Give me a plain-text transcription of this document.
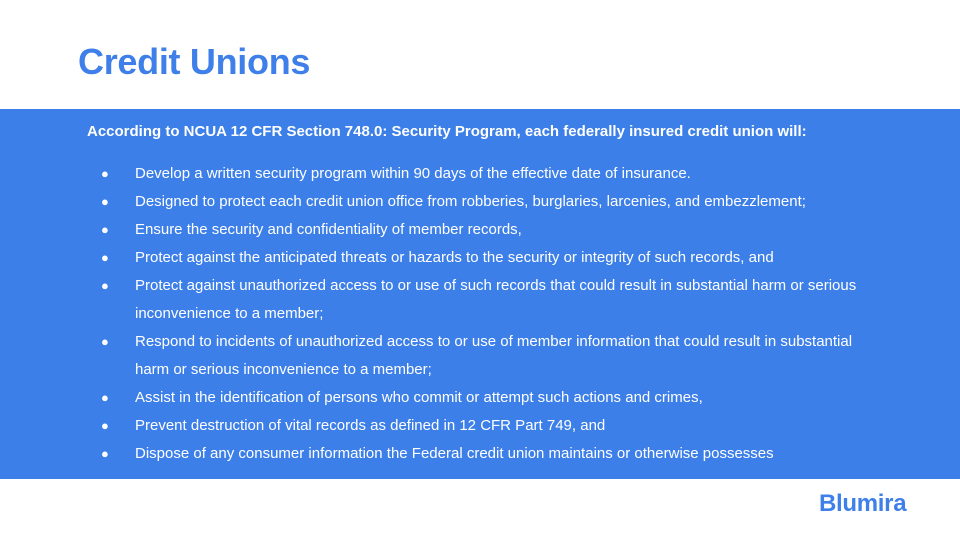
Credit Unions

According to NCUA 12 CFR Section 748.0: Security Program, each federally insured credit union will:

● Develop a written security program within 90 days of the effective date of insurance.
● Designed to protect each credit union office from robberies, burglaries, larcenies, and embezzlement;
● Ensure the security and confidentiality of member records,
● Protect against the anticipated threats or hazards to the security or integrity of such records, and
● Protect against unauthorized access to or use of such records that could result in substantial harm or serious inconvenience to a member;
● Respond to incidents of unauthorized access to or use of member information that could result in substantial harm or serious inconvenience to a member;
● Assist in the identification of persons who commit or attempt such actions and crimes,
● Prevent destruction of vital records as defined in 12 CFR Part 749, and
● Dispose of any consumer information the Federal credit union maintains or otherwise possesses
Blumira
